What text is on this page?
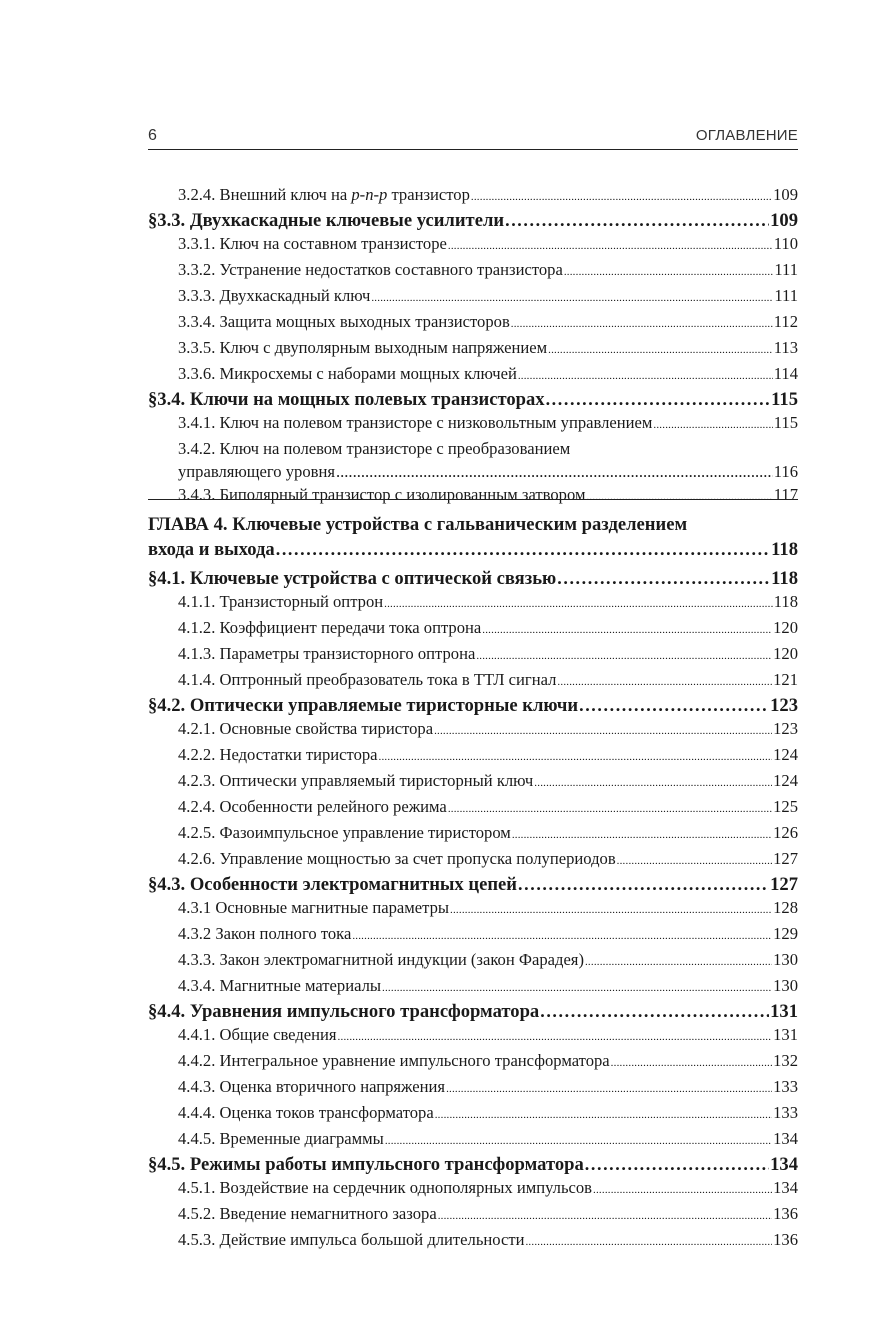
6	ОГЛАВЛЕНИЕ
3.2.4. Внешний ключ на p-n-p транзистор .....	109
§3.3. Двухкаскадные ключевые усилители .....	109
3.3.1. Ключ на составном транзисторе .....	110
3.3.2. Устранение недостатков составного транзистора .....	111
3.3.3. Двухкаскадный ключ .....	111
3.3.4. Защита мощных выходных транзисторов .....	112
3.3.5. Ключ с двуполярным выходным напряжением .....	113
3.3.6. Микросхемы с наборами мощных ключей .....	114
§3.4. Ключи на мощных полевых транзисторах .....	115
3.4.1. Ключ на полевом транзисторе с низковольтным управлением .....	115
3.4.2. Ключ на полевом транзисторе с преобразованием
управляющего уровня .....	116
3.4.3. Биполярный транзистор с изолированным затвором .....	117
ГЛАВА 4. Ключевые устройства с гальваническим разделением
входа и выхода .....	118
§4.1. Ключевые устройства с оптической связью .....	118
4.1.1. Транзисторный оптрон .....	118
4.1.2. Коэффициент передачи тока оптрона .....	120
4.1.3. Параметры транзисторного оптрона .....	120
4.1.4. Оптронный преобразователь тока в ТТЛ сигнал .....	121
§4.2. Оптически управляемые тиристорные ключи .....	123
4.2.1. Основные свойства тиристора .....	123
4.2.2. Недостатки тиристора .....	124
4.2.3. Оптически управляемый тиристорный ключ .....	124
4.2.4. Особенности релейного режима .....	125
4.2.5. Фазоимпульсное управление тиристором .....	126
4.2.6. Управление мощностью за счет пропуска полупериодов .....	127
§4.3. Особенности электромагнитных цепей .....	127
4.3.1 Основные магнитные параметры .....	128
4.3.2 Закон полного тока .....	129
4.3.3. Закон электромагнитной индукции (закон Фарадея) .....	130
4.3.4. Магнитные материалы .....	130
§4.4. Уравнения импульсного трансформатора .....	131
4.4.1. Общие сведения .....	131
4.4.2. Интегральное уравнение импульсного трансформатора .....	132
4.4.3. Оценка вторичного напряжения .....	133
4.4.4. Оценка токов трансформатора .....	133
4.4.5. Временные диаграммы .....	134
§4.5. Режимы работы импульсного трансформатора .....	134
4.5.1. Воздействие на сердечник однополярных импульсов .....	134
4.5.2. Введение немагнитного зазора .....	136
4.5.3. Действие импульса большой длительности .....	136
